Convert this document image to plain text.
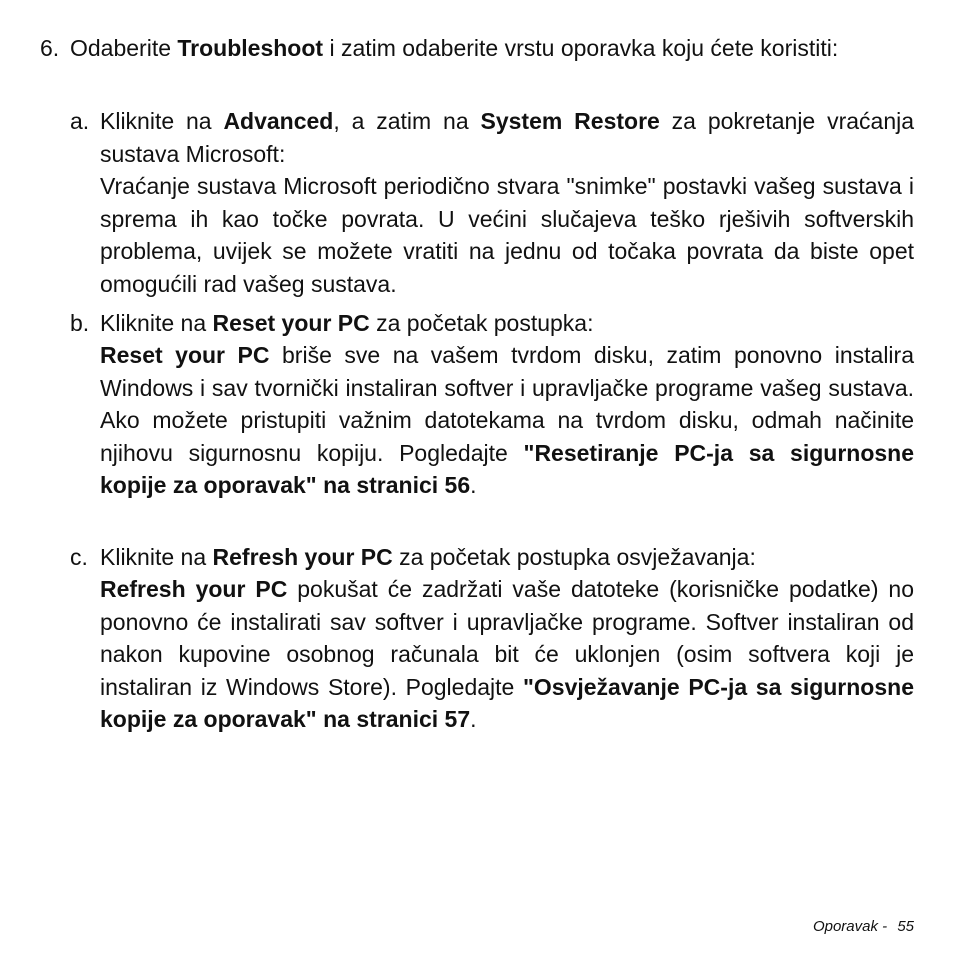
6. Odaberite Troubleshoot i zatim odaberite vrstu oporavka koju ćete koristiti:

a. Kliknite na Advanced, a zatim na System Restore za pokretanje vraćanja sustava Microsoft:

Vraćanje sustava Microsoft periodično stvara "snimke" postavki vašeg sustava i sprema ih kao točke povrata. U većini slučajeva teško rješivih softverskih problema, uvijek se možete vratiti na jednu od točaka povrata da biste opet omogućili rad vašeg sustava.

b. Kliknite na Reset your PC za početak postupka:

Reset your PC briše sve na vašem tvrdom disku, zatim ponovno instalira Windows i sav tvornički instaliran softver i upravljačke programe vašeg sustava. Ako možete pristupiti važnim datotekama na tvrdom disku, odmah načinite njihovu sigurnosnu kopiju. Pogledajte "Resetiranje PC-ja sa sigurnosne kopije za oporavak" na stranici 56.

c. Kliknite na Refresh your PC za početak postupka osvježavanja:

Refresh your PC pokušat će zadržati vaše datoteke (korisničke podatke) no ponovno će instalirati sav softver i upravljačke programe. Softver instaliran od nakon kupovine osobnog računala bit će uklonjen (osim softvera koji je instaliran iz Windows Store). Pogledajte "Osvježavanje PC-ja sa sigurnosne kopije za oporavak" na stranici 57.

Oporavak - 55
